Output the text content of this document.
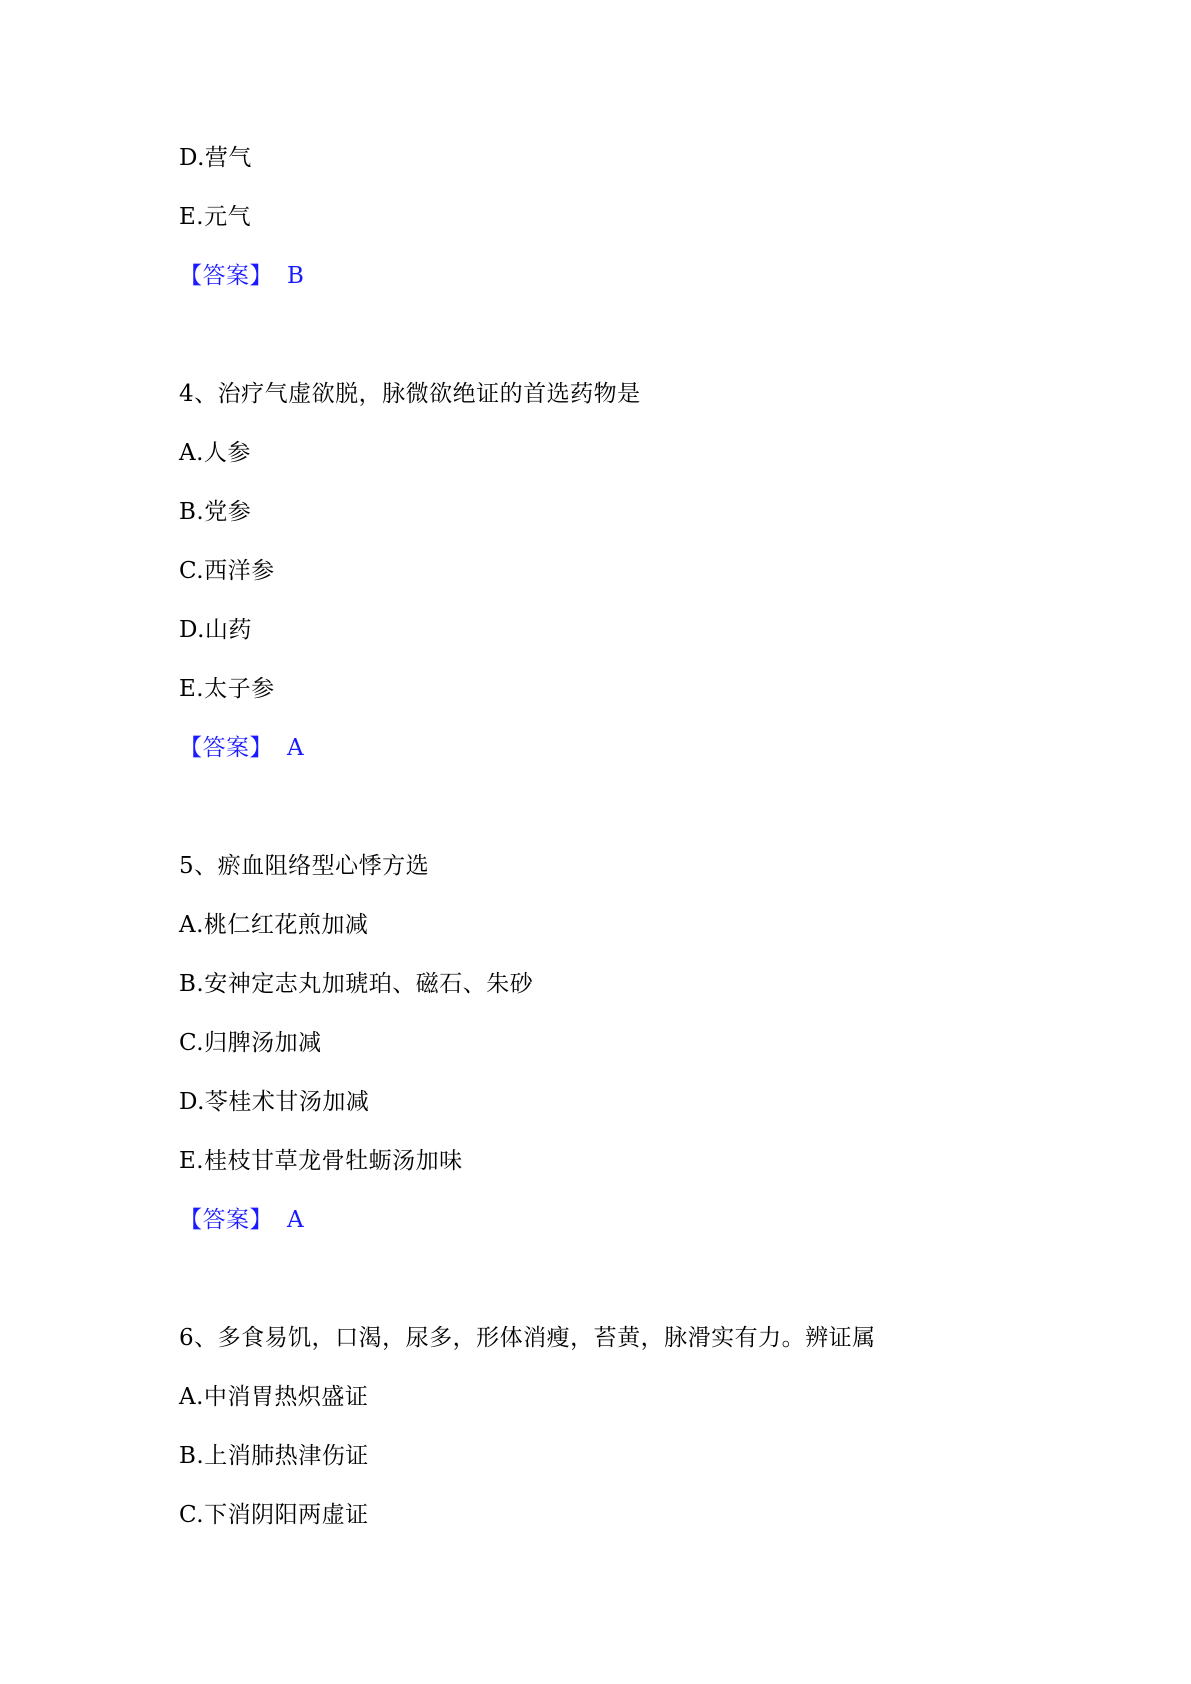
D.营气
E.元气
【答案】 B
4、治疗气虚欲脱，脉微欲绝证的首选药物是
A.人参
B.党参
C.西洋参
D.山药
E.太子参
【答案】 A
5、瘀血阻络型心悸方选
A.桃仁红花煎加减
B.安神定志丸加琥珀、磁石、朱砂
C.归脾汤加减
D.苓桂术甘汤加减
E.桂枝甘草龙骨牡蛎汤加味
【答案】 A
6、多食易饥，口渴，尿多，形体消瘦，苔黄，脉滑实有力。辨证属
A.中消胃热炽盛证
B.上消肺热津伤证
C.下消阴阳两虚证
